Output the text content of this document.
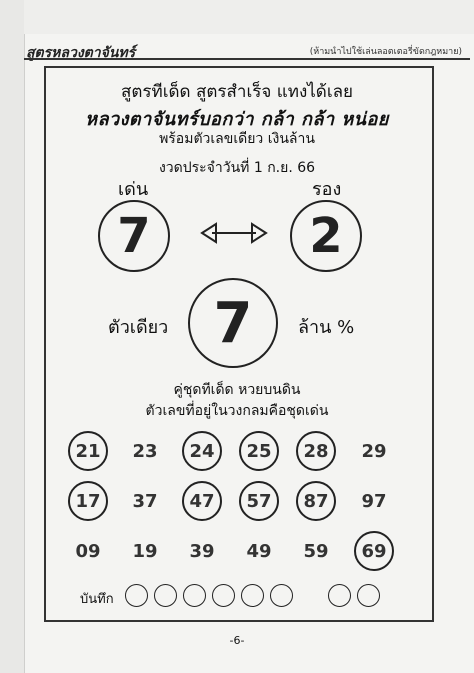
สูตรหลวงตาจันทร์	(ห้ามนำไปใช้เล่นลอตเตอรี่ขัดกฎหมาย)
สูตรทีเด็ด สูตรสำเร็จ แทงได้เลย
หลวงตาจันทร์บอกว่า กล้า กล้า หน่อย
พร้อมตัวเลขเดียว เงินล้าน
งวดประจำวันที่ 1 ก.ย. 66
เด่น	รอง
7	2
ตัวเดียว 7	ล้าน %
คู่ชุดทีเด็ด หวยบนดิน
ตัวเลขที่อยู่ในวงกลมคือชุดเด่น
21	23	24	25	28	29
17	37	47	57	87	97
09	19	39	49	59	69
บันทึก
-6-
